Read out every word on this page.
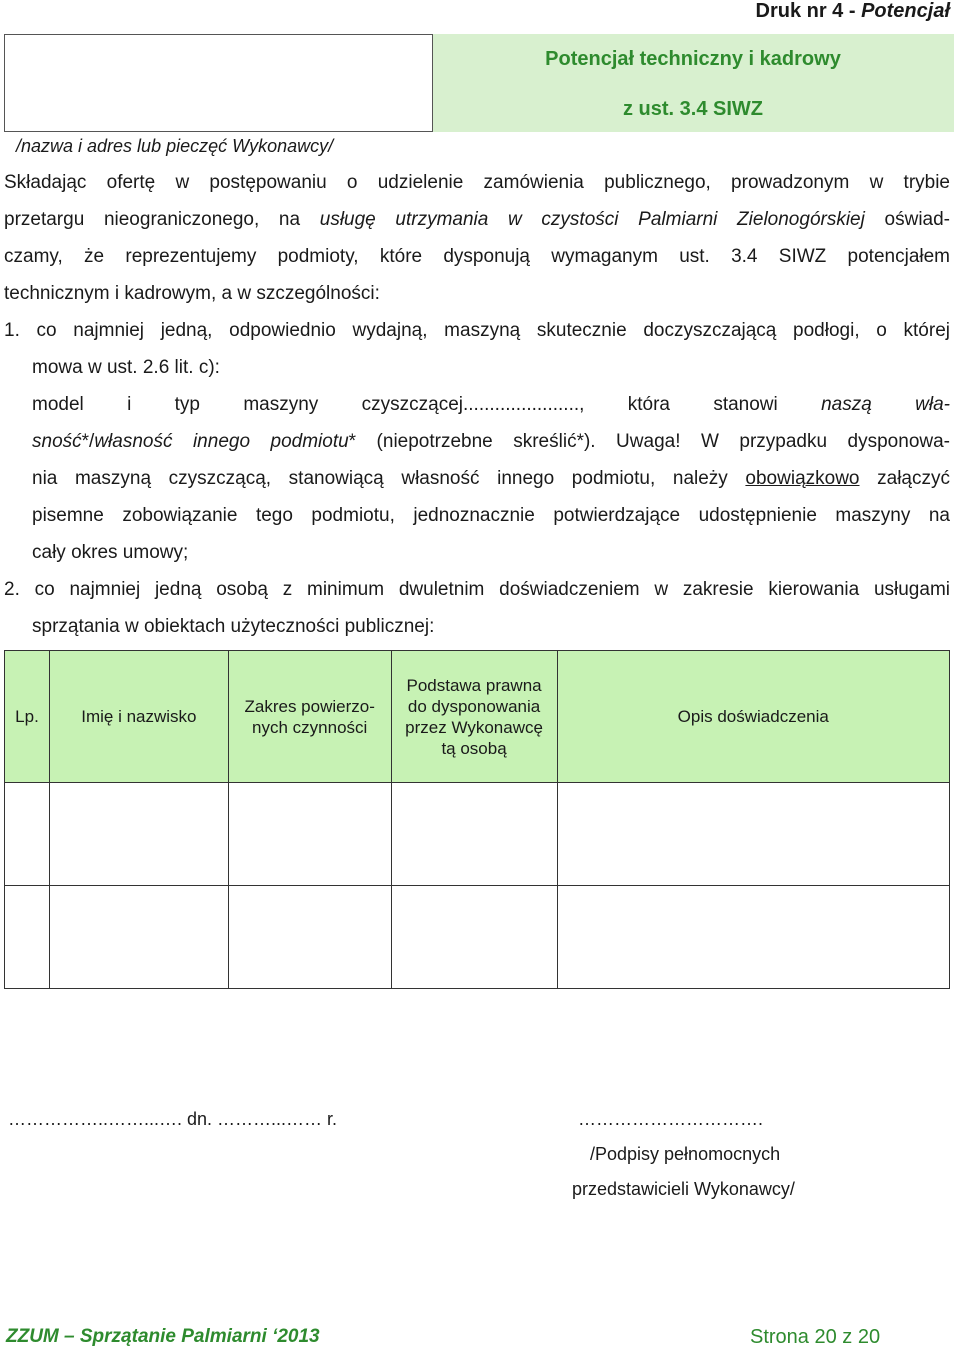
Druk nr 4 - Potencjał
Potencjał techniczny i kadrowy
z ust. 3.4 SIWZ
/nazwa i adres lub pieczęć Wykonawcy/
Składając ofertę w postępowaniu o udzielenie zamówienia publicznego, prowadzonym w trybie
przetargu nieograniczonego, na usługę utrzymania w czystości Palmiarni Zielonogórskiej oświad-
czamy, że reprezentujemy podmioty, które dysponują wymaganym ust. 3.4 SIWZ potencjałem
technicznym i kadrowym, a w szczególności:
1. co najmniej jedną, odpowiednio wydajną, maszyną skutecznie doczyszczającą podłogi, o której
mowa w ust. 2.6 lit. c):
model i typ maszyny czyszczącej......................, która stanowi naszą wła-
sność*/własność innego podmiotu* (niepotrzebne skreślić*). Uwaga! W przypadku dysponowa-
nia maszyną czyszczącą, stanowiącą własność innego podmiotu, należy obowiązkowo załączyć
pisemne zobowiązanie tego podmiotu, jednoznacznie potwierdzające udostępnienie maszyny na
cały okres umowy;
2. co najmniej jedną osobą z minimum dwuletnim doświadczeniem w zakresie kierowania usługami
sprzątania w obiektach użyteczności publicznej:
Lp.	Imię i nazwisko	Zakres powierzo-
nych czynności	Podstawa prawna
do dysponowania
przez Wykonawcę
tą osobą	Opis doświadczenia

……………..……...…. dn. ………...…… r.	………………………….
/Podpisy pełnomocnych
przedstawicieli Wykonawcy/
ZZUM – Sprzątanie Palmiarni ‘2013	Strona 20 z 20
